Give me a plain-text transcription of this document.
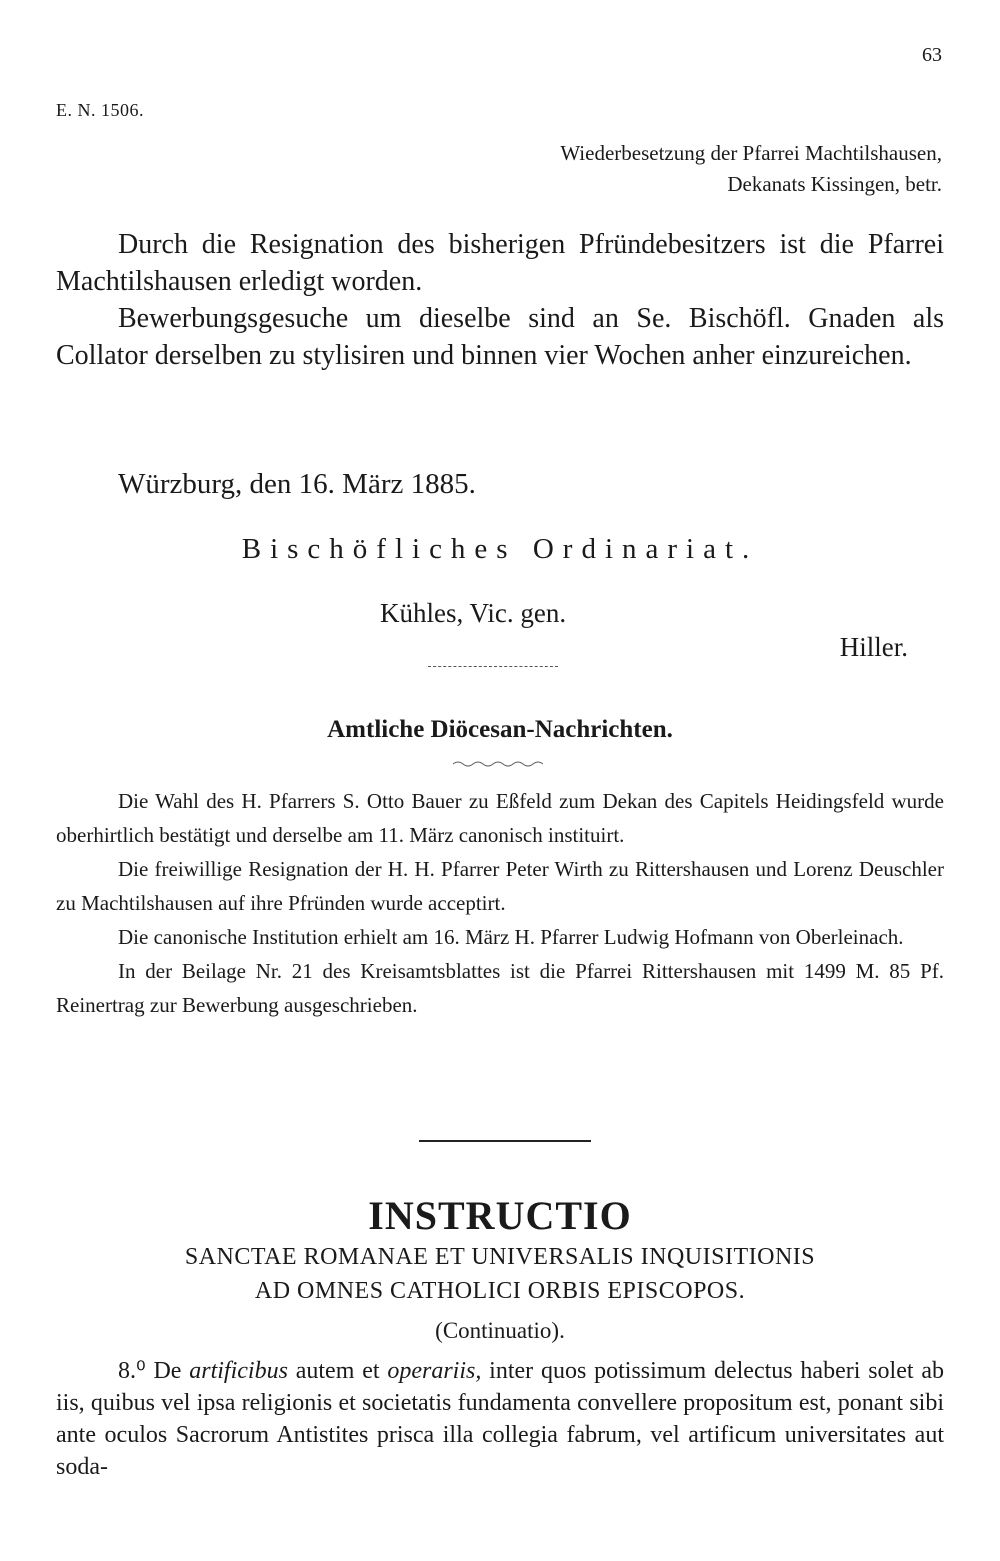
63
E. N. 1506.
Wiederbesetzung der Pfarrei Machtilshausen, Dekanats Kissingen, betr.

Durch die Resignation des bisherigen Pfründebesitzers ist die Pfarrei Machtilshausen erledigt worden.

Bewerbungsgesuche um dieselbe sind an Se. Bischöfl. Gnaden als Collator derselben zu stylisiren und binnen vier Wochen anher einzureichen.

Würzburg, den 16. März 1885.
Bischöfliches Ordinariat.
Kühles, Vic. gen.
Hiller.
Amtliche Diöcesan-Nachrichten.

Die Wahl des H. Pfarrers S. Otto Bauer zu Eßfeld zum Dekan des Capitels Heidingsfeld wurde oberhirtlich bestätigt und derselbe am 11. März canonisch instituirt.

Die freiwillige Resignation der H. H. Pfarrer Peter Wirth zu Rittershausen und Lorenz Deuschler zu Machtilshausen auf ihre Pfründen wurde acceptirt.

Die canonische Institution erhielt am 16. März H. Pfarrer Ludwig Hofmann von Oberleinach.

In der Beilage Nr. 21 des Kreisamtsblattes ist die Pfarrei Rittershausen mit 1499 M. 85 Pf. Reinertrag zur Bewerbung ausgeschrieben.

INSTRUCTIO
SANCTAE ROMANAE ET UNIVERSALIS INQUISITIONIS
AD OMNES CATHOLICI ORBIS EPISCOPOS.
(Continuatio).

8.⁰ De artificibus autem et operariis, inter quos potissimum delectus haberi solet ab iis, quibus vel ipsa religionis et societatis fundamenta convellere propositum est, ponant sibi ante oculos Sacrorum Antistites prisca illa collegia fabrum, vel artificum universitates aut soda-
